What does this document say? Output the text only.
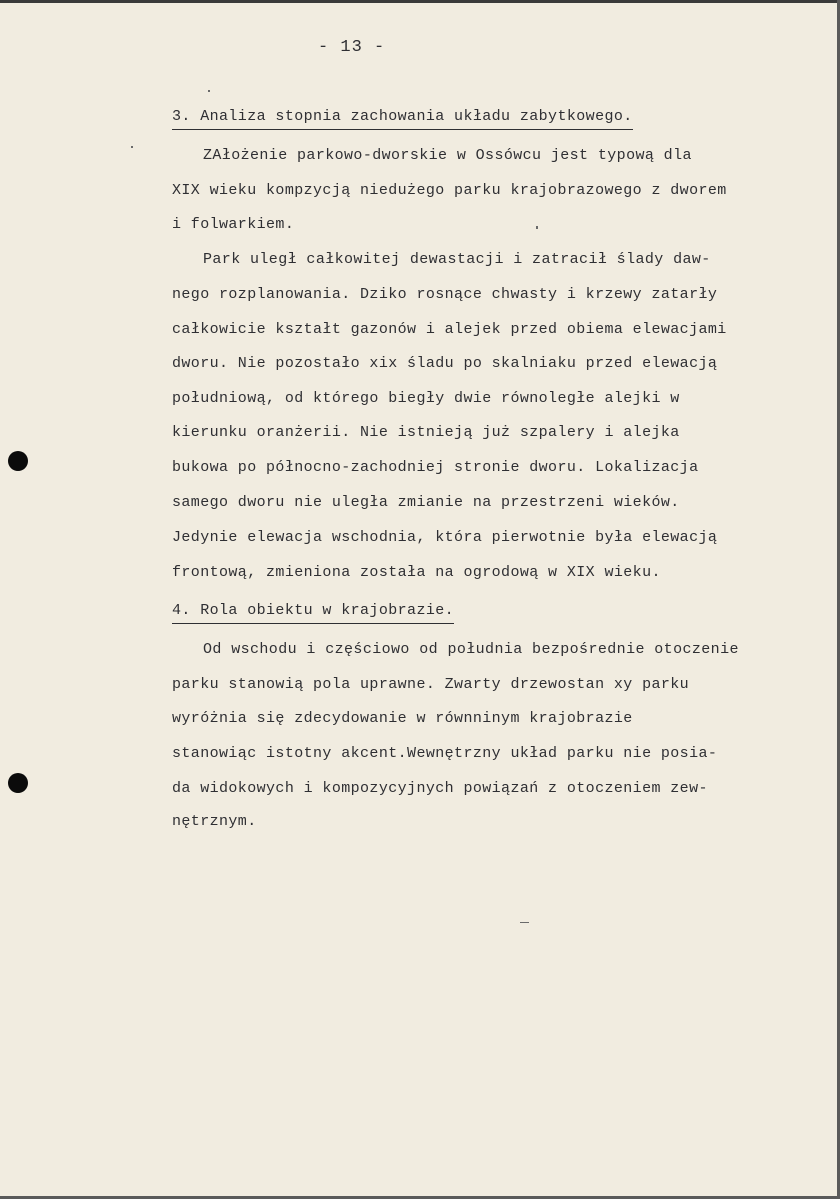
- 13 -
3. Analiza stopnia zachowania układu zabytkowego.
ZAłożenie parkowo-dworskie w Ossówcu jest typową dla
XIX wieku kompzycją niedużego parku krajobrazowego z dworem
i folwarkiem.
Park uległ całkowitej dewastacji i zatracił ślady daw-
nego rozplanowania. Dziko rosnące chwasty i krzewy zatarły
całkowicie kształt gazonów i alejek przed obiema elewacjami
dworu. Nie pozostało xix śladu po skalniaku przed elewacją
południową, od którego biegły dwie równoległe alejki w
kierunku oranżerii. Nie istnieją już szpalery i alejka
bukowa po północno-zachodniej stronie dworu. Lokalizacja
samego dworu nie uległa zmianie na przestrzeni wieków.
Jedynie elewacja wschodnia, która pierwotnie była elewacją
frontową, zmieniona została na ogrodową w XIX wieku.
4. Rola obiektu w krajobrazie.
Od wschodu i częściowo od południa bezpośrednie otoczenie
parku stanowią pola uprawne. Zwarty drzewostan xy parku
wyróżnia się zdecydowanie w równninym krajobrazie
stanowiąc istotny akcent.Wewnętrzny układ parku nie posia-
da widokowych i kompozycyjnych powiązań z otoczeniem zew-
nętrznym.
